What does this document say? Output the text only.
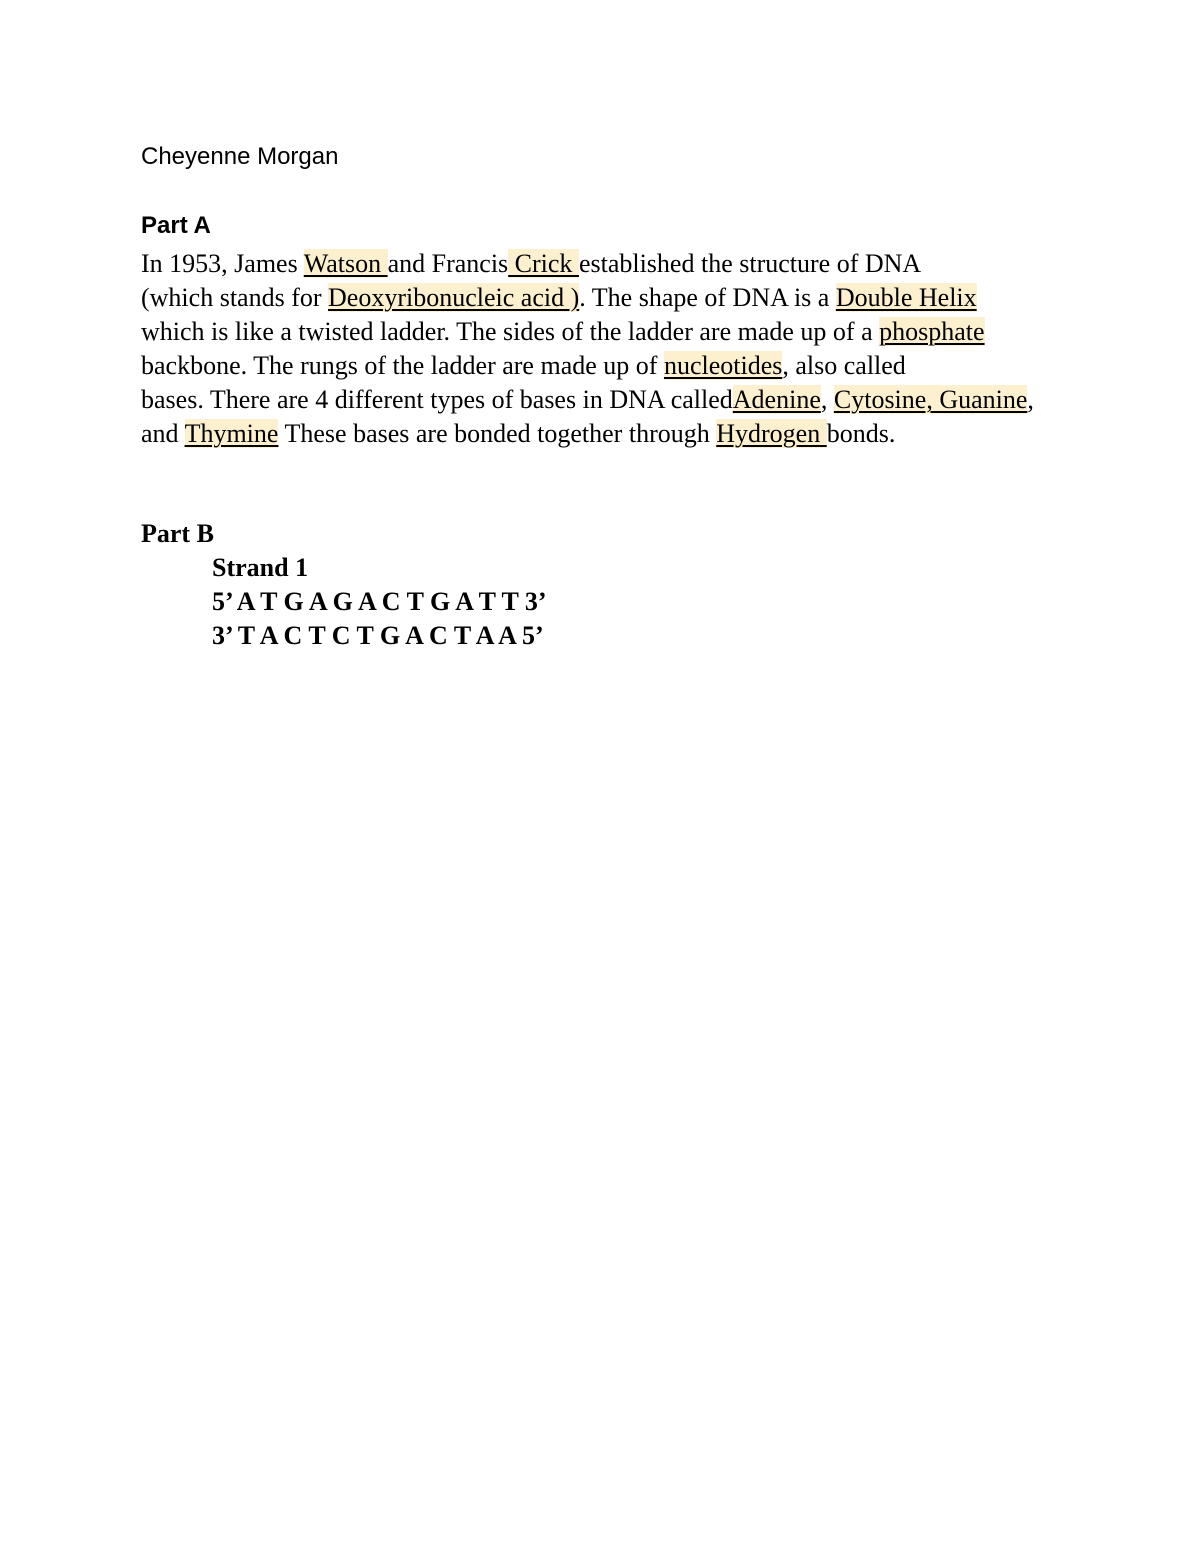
Cheyenne Morgan
Part A
In 1953, James Watson and Francis Crick established the structure of DNA
(which stands for Deoxyribonucleic acid ). The shape of DNA is a Double Helix
which is like a twisted ladder. The sides of the ladder are made up of a phosphate
backbone. The rungs of the ladder are made up of nucleotides, also called
bases. There are 4 different types of bases in DNA calledAdenine, Cytosine, Guanine,
and Thymine These bases are bonded together through Hydrogen bonds.
Part B
Strand 1
5’ A T G A G A C T G A T T 3’
3’ T A C T C T G A C T A A 5’
